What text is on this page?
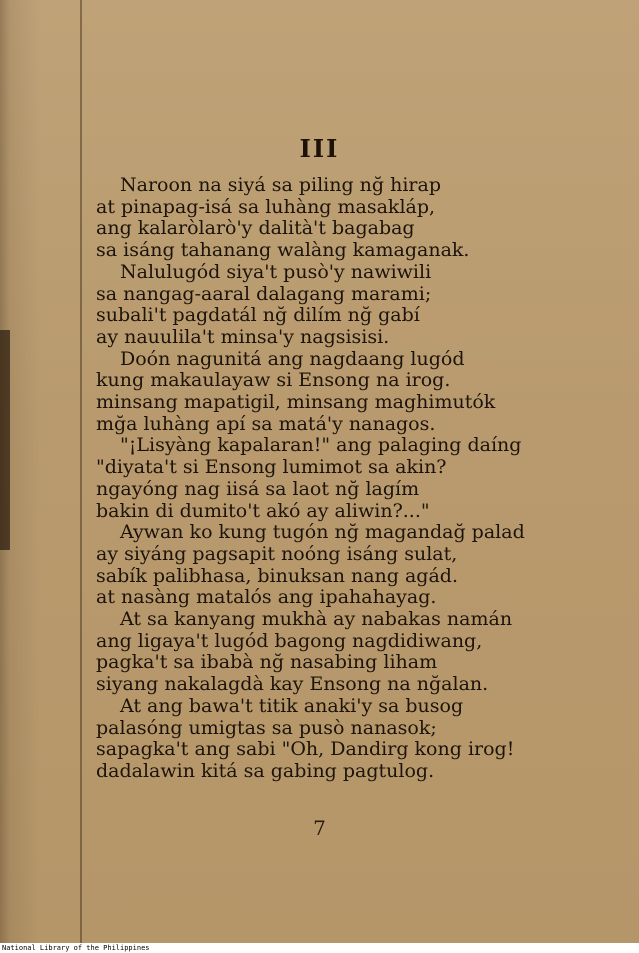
III
Naroon na siyá sa piling nğ hirap
at pinapag-isá sa luhàng masakláp,
ang kalaròlarò'y dalità't bagabag
sa isáng tahanang walàng kamaganak.
Nalulugód siya't pusò'y nawiwili
sa nangag-aaral dalagang marami;
subali't pagdatál nğ dilím nğ gabí
ay nauulila't minsa'y nagsisisi.
Doón nagunitá ang nagdaang lugód
kung makaulayaw si Ensong na irog.
minsang mapatigil, minsang maghimutók
mğa luhàng apí sa matá'y nanagos.
"¡Lisyàng kapalaran!" ang palaging daíng
"diyata't si Ensong lumimot sa akin?
ngayóng nag iisá sa laot nğ lagím
bakin di dumito't akó ay aliwin?..."
Aywan ko kung tugón nğ magandağ palad
ay siyáng pagsapit noóng isáng sulat,
sabík palibhasa, binuksan nang agád.
at nasàng matalós ang ipahahayag.
At sa kanyang mukhà ay nabakas namán
ang ligaya't lugód bagong nagdidiwang,
pagka't sa ibabà nğ nasabing liham
siyang nakalagdà kay Ensong na nğalan.
At ang bawa't titik anaki'y sa busog
palasóng umigtas sa pusò nanasok;
sapagka't ang sabi "Oh, Dandirg kong irog!
dadalawin kitá sa gabing pagtulog.
7
National Library of the Philippines
